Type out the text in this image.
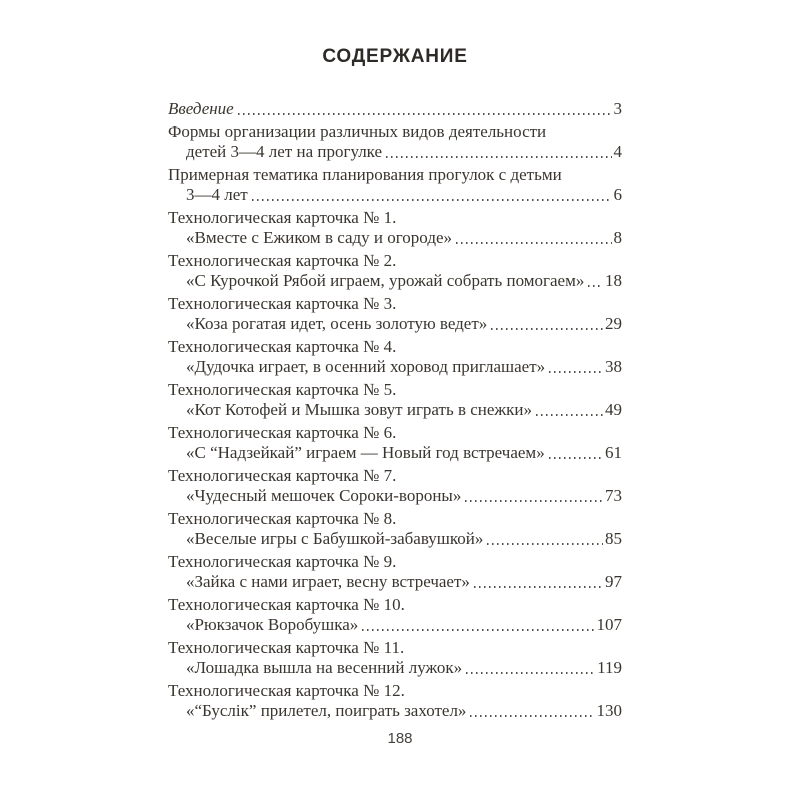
СОДЕРЖАНИЕ
Введение	3
Формы организации различных видов деятельности
детей 3—4 лет на прогулке	4
Примерная тематика планирования прогулок с детьми
3—4 лет	6
Технологическая карточка № 1.
«Вместе с Ежиком в саду и огороде»	8
Технологическая карточка № 2.
«С Курочкой Рябой играем, урожай собрать помогаем» 18
Технологическая карточка № 3.
«Коза рогатая идет, осень золотую ведет»	29
Технологическая карточка № 4.
«Дудочка играет, в осенний хоровод приглашает»	38
Технологическая карточка № 5.
«Кот Котофей и Мышка зовут играть в снежки»	49
Технологическая карточка № 6.
«С “Надзейкай” играем — Новый год встречаем»	61
Технологическая карточка № 7.
«Чудесный мешочек Сороки-вороны»	73
Технологическая карточка № 8.
«Веселые игры с Бабушкой-забавушкой»	85
Технологическая карточка № 9.
«Зайка с нами играет, весну встречает»	97
Технологическая карточка № 10.
«Рюкзачок Воробушка»	107
Технологическая карточка № 11.
«Лошадка вышла на весенний лужок»	119
Технологическая карточка № 12.
«“Буслік” прилетел, поиграть захотел»	130
188
